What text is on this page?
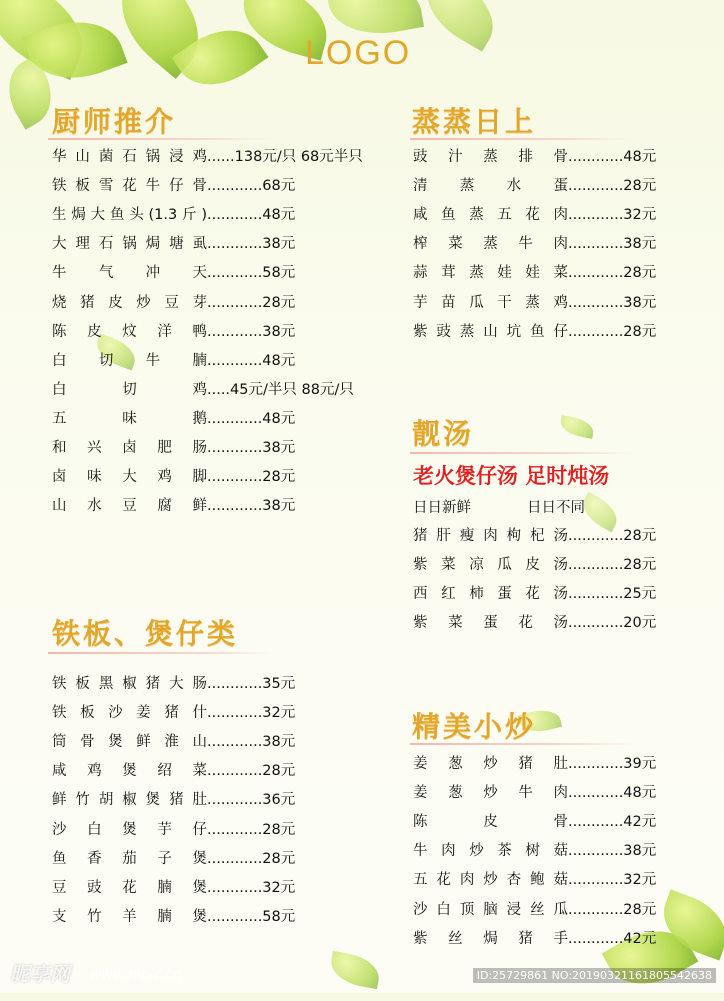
LOGO
厨师推介
华山菌石锅浸鸡......138元/只 68元半只
铁板雪花牛仔骨............68元
生焗大鱼头(1.3斤)............48元
大理石锅焗塘虱............38元
牛气冲天............58元
烧猪皮炒豆芽............28元
陈皮炆洋鸭............38元
白切牛腩............48元
白切鸡.....45元/半只 88元/只
五味鹅............48元
和兴卤肥肠............38元
卤味大鸡脚............28元
山水豆腐鲜............38元
蒸蒸日上
豉汁蒸排骨............48元
清蒸水蛋............28元
咸鱼蒸五花肉............32元
榨菜蒸牛肉............38元
蒜茸蒸娃娃菜............28元
芋苗瓜干蒸鸡............38元
紫豉蒸山坑鱼仔............28元
靓汤
老火煲仔汤 足时炖汤
日日新鲜	日日不同
猪肝瘦肉枸杞汤............28元
紫菜凉瓜皮汤............28元
西红柿蛋花汤............25元
紫菜蛋花汤............20元
铁板、煲仔类
铁板黑椒猪大肠............35元
铁板沙姜猪什............32元
筒骨煲鲜淮山............38元
咸鸡煲绍菜............28元
鲜竹胡椒煲猪肚............36元
沙白煲芋仔............28元
鱼香茄子煲............28元
豆豉花腩煲............32元
支竹羊腩煲............58元
精美小炒
姜葱炒猪肚............39元
姜葱炒牛肉............48元
陈皮骨............42元
牛肉炒茶树菇............38元
五花肉炒杏鲍菇............32元
沙白顶脑浸丝瓜............28元
紫丝焗猪手............42元
昵享网 www.nipic.cn	ID:25729861 NO:20190321161805542638
